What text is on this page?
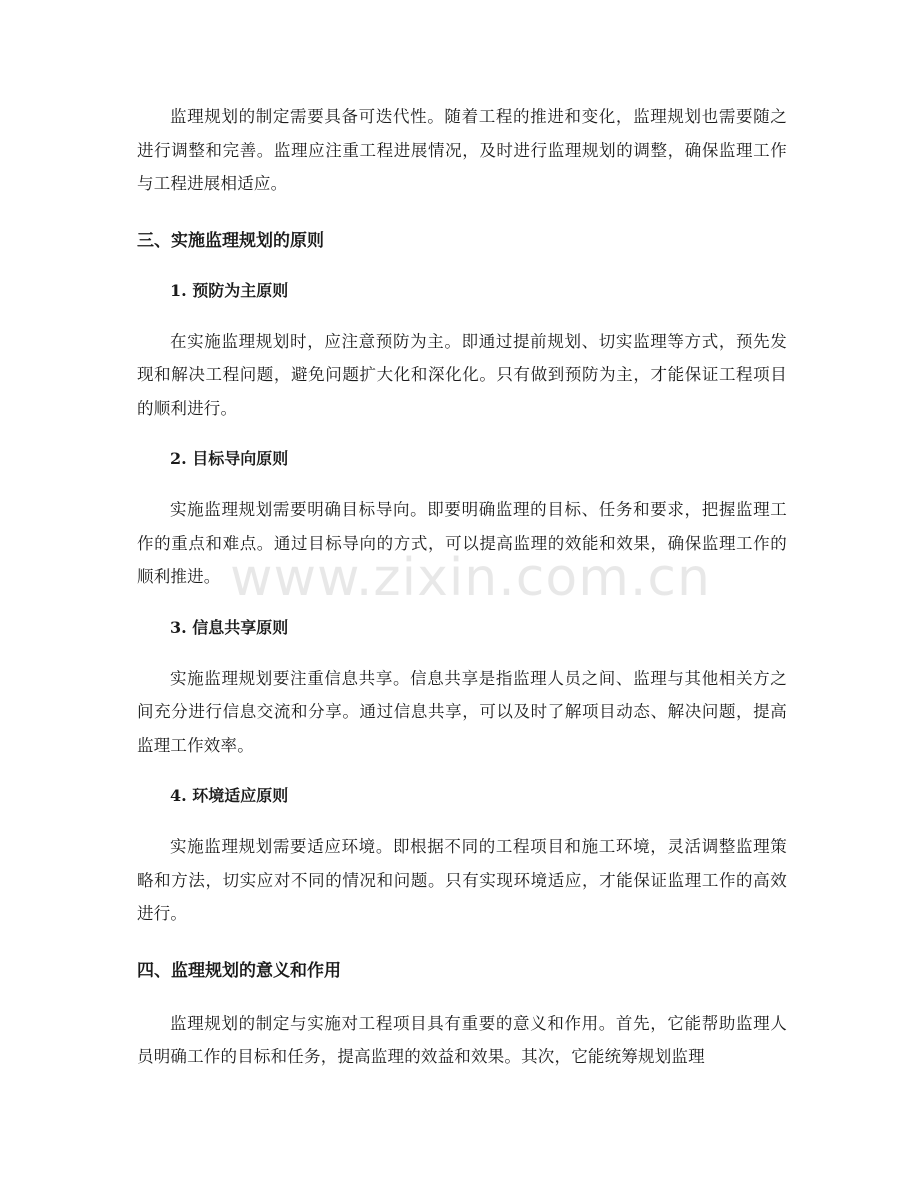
监理规划的制定需要具备可迭代性。随着工程的推进和变化，监理规划也需要随之进行调整和完善。监理应注重工程进展情况，及时进行监理规划的调整，确保监理工作与工程进展相适应。

三、实施监理规划的原则
1. 预防为主原则

在实施监理规划时，应注意预防为主。即通过提前规划、切实监理等方式，预先发现和解决工程问题，避免问题扩大化和深化化。只有做到预防为主，才能保证工程项目的顺利进行。

2. 目标导向原则

实施监理规划需要明确目标导向。即要明确监理的目标、任务和要求，把握监理工作的重点和难点。通过目标导向的方式，可以提高监理的效能和效果，确保监理工作的顺利推进。

3. 信息共享原则

实施监理规划要注重信息共享。信息共享是指监理人员之间、监理与其他相关方之间充分进行信息交流和分享。通过信息共享，可以及时了解项目动态、解决问题，提高监理工作效率。

4. 环境适应原则

实施监理规划需要适应环境。即根据不同的工程项目和施工环境，灵活调整监理策略和方法，切实应对不同的情况和问题。只有实现环境适应，才能保证监理工作的高效进行。

四、监理规划的意义和作用

监理规划的制定与实施对工程项目具有重要的意义和作用。首先，它能帮助监理人员明确工作的目标和任务，提高监理的效益和效果。其次，它能统筹规划监理

www.zixin.com.cn
